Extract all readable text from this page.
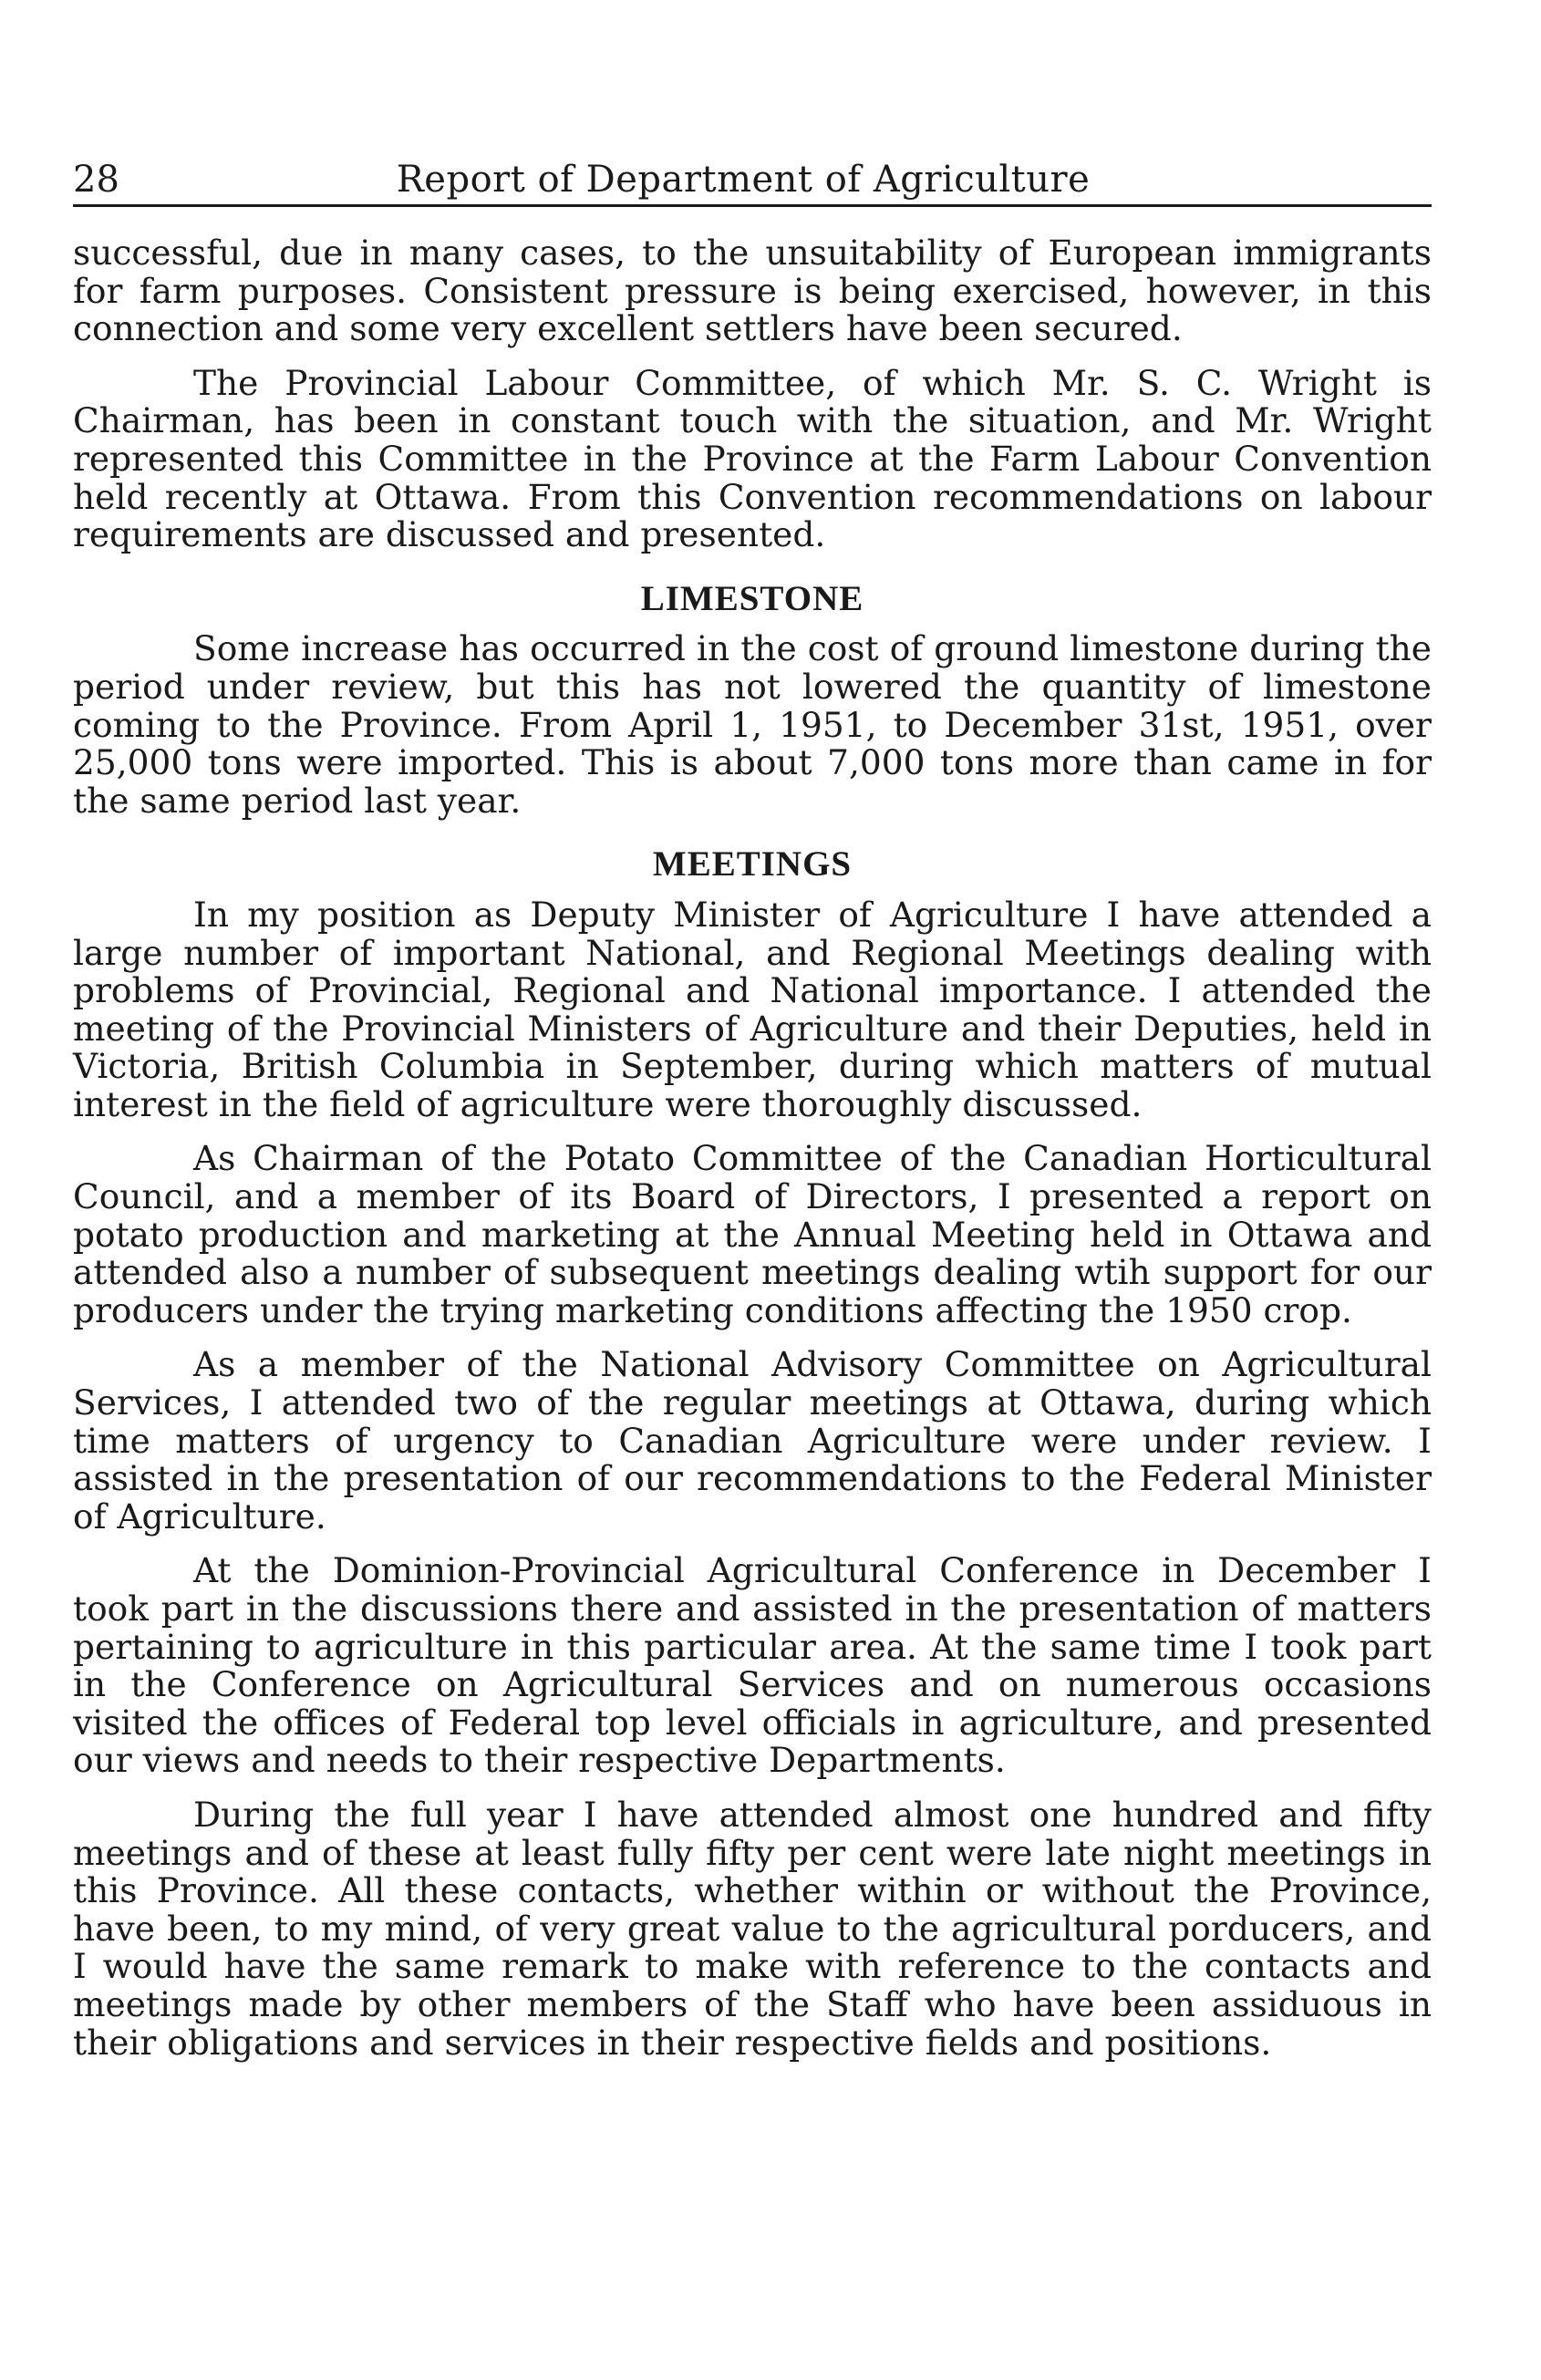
28	Report of Department of Agriculture

successful, due in many cases, to the unsuitability of European immigrants for farm purposes. Consistent pressure is being exercised, however, in this connection and some very excellent settlers have been secured.

The Provincial Labour Committee, of which Mr. S. C. Wright is Chairman, has been in constant touch with the situation, and Mr. Wright represented this Committee in the Province at the Farm Labour Convention held recently at Ottawa. From this Convention recommendations on labour requirements are discussed and presented.

LIMESTONE

Some increase has occurred in the cost of ground limestone during the period under review, but this has not lowered the quantity of limestone coming to the Province. From April 1, 1951, to December 31st, 1951, over 25,000 tons were imported. This is about 7,000 tons more than came in for the same period last year.

MEETINGS

In my position as Deputy Minister of Agriculture I have attended a large number of important National, and Regional Meetings dealing with problems of Provincial, Regional and National importance. I attended the meeting of the Provincial Ministers of Agriculture and their Deputies, held in Victoria, British Columbia in September, during which matters of mutual interest in the field of agriculture were thoroughly discussed.

As Chairman of the Potato Committee of the Canadian Horticultural Council, and a member of its Board of Directors, I presented a report on potato production and marketing at the Annual Meeting held in Ottawa and attended also a number of subsequent meetings dealing wtih support for our producers under the trying marketing conditions affecting the 1950 crop.

As a member of the National Advisory Committee on Agricultural Services, I attended two of the regular meetings at Ottawa, during which time matters of urgency to Canadian Agriculture were under review. I assisted in the presentation of our recommendations to the Federal Minister of Agriculture.

At the Dominion-Provincial Agricultural Conference in December I took part in the discussions there and assisted in the presentation of matters pertaining to agriculture in this particular area. At the same time I took part in the Conference on Agricultural Services and on numerous occasions visited the offices of Federal top level officials in agriculture, and presented our views and needs to their respective Departments.

During the full year I have attended almost one hundred and fifty meetings and of these at least fully fifty per cent were late night meetings in this Province. All these contacts, whether within or without the Province, have been, to my mind, of very great value to the agricultural porducers, and I would have the same remark to make with reference to the contacts and meetings made by other members of the Staff who have been assiduous in their obligations and services in their respective fields and positions.
